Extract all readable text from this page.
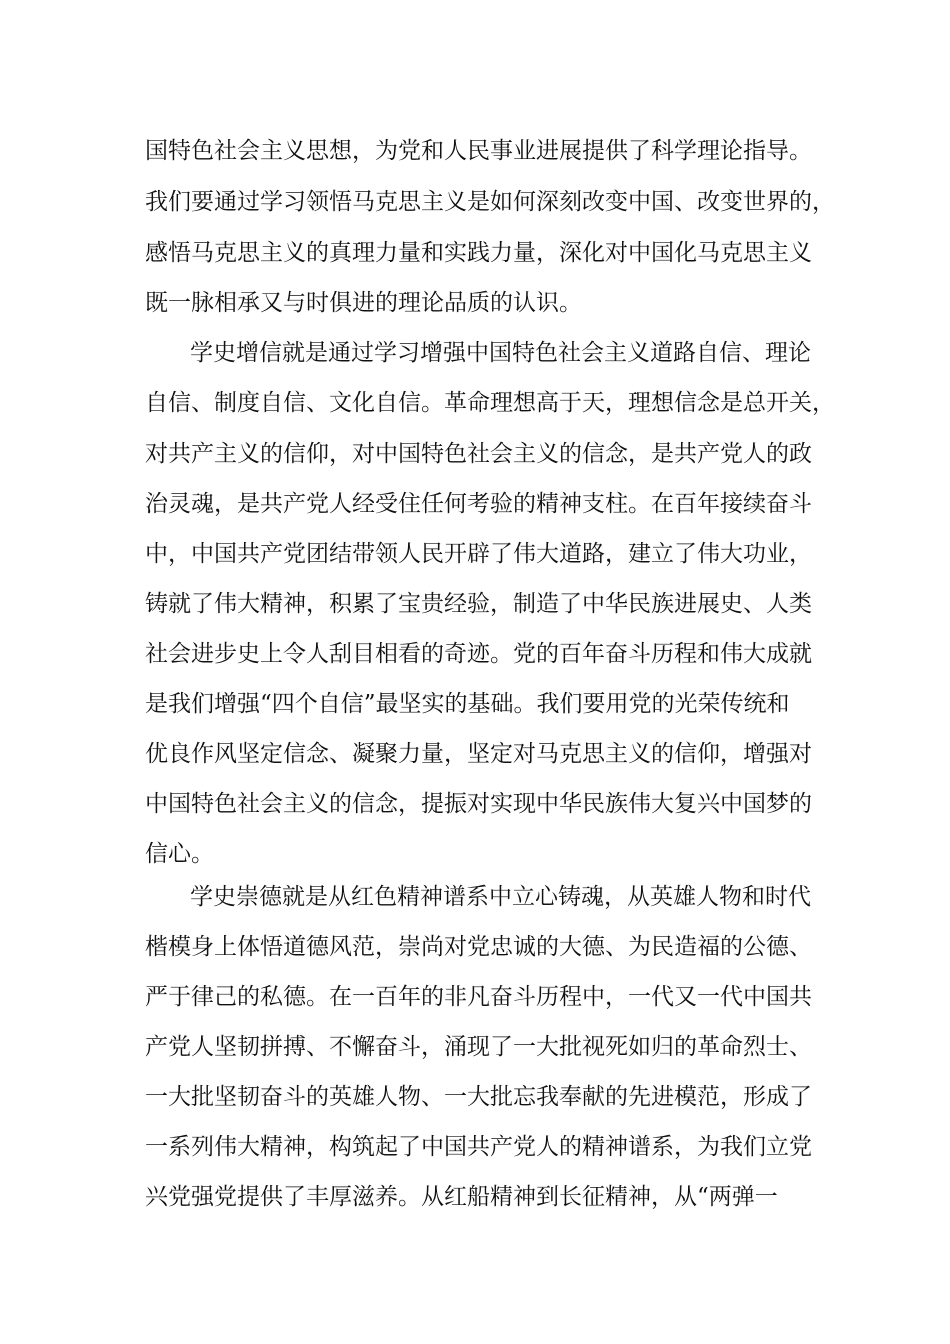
国特色社会主义思想，为党和人民事业进展提供了科学理论指导。
我们要通过学习领悟马克思主义是如何深刻改变中国、改变世界的，
感悟马克思主义的真理力量和实践力量，深化对中国化马克思主义
既一脉相承又与时俱进的理论品质的认识。
学史增信就是通过学习增强中国特色社会主义道路自信、理论
自信、制度自信、文化自信。革命理想高于天，理想信念是总开关，
对共产主义的信仰，对中国特色社会主义的信念，是共产党人的政
治灵魂，是共产党人经受住任何考验的精神支柱。在百年接续奋斗
中，中国共产党团结带领人民开辟了伟大道路，建立了伟大功业，
铸就了伟大精神，积累了宝贵经验，制造了中华民族进展史、人类
社会进步史上令人刮目相看的奇迹。党的百年奋斗历程和伟大成就
是我们增强“四个自信”最坚实的基础。我们要用党的光荣传统和
优良作风坚定信念、凝聚力量，坚定对马克思主义的信仰，增强对
中国特色社会主义的信念，提振对实现中华民族伟大复兴中国梦的
信心。
学史崇德就是从红色精神谱系中立心铸魂，从英雄人物和时代
楷模身上体悟道德风范，崇尚对党忠诚的大德、为民造福的公德、
严于律己的私德。在一百年的非凡奋斗历程中，一代又一代中国共
产党人坚韧拼搏、不懈奋斗，涌现了一大批视死如归的革命烈士、
一大批坚韧奋斗的英雄人物、一大批忘我奉献的先进模范，形成了
一系列伟大精神，构筑起了中国共产党人的精神谱系，为我们立党
兴党强党提供了丰厚滋养。从红船精神到长征精神，从“两弹一
